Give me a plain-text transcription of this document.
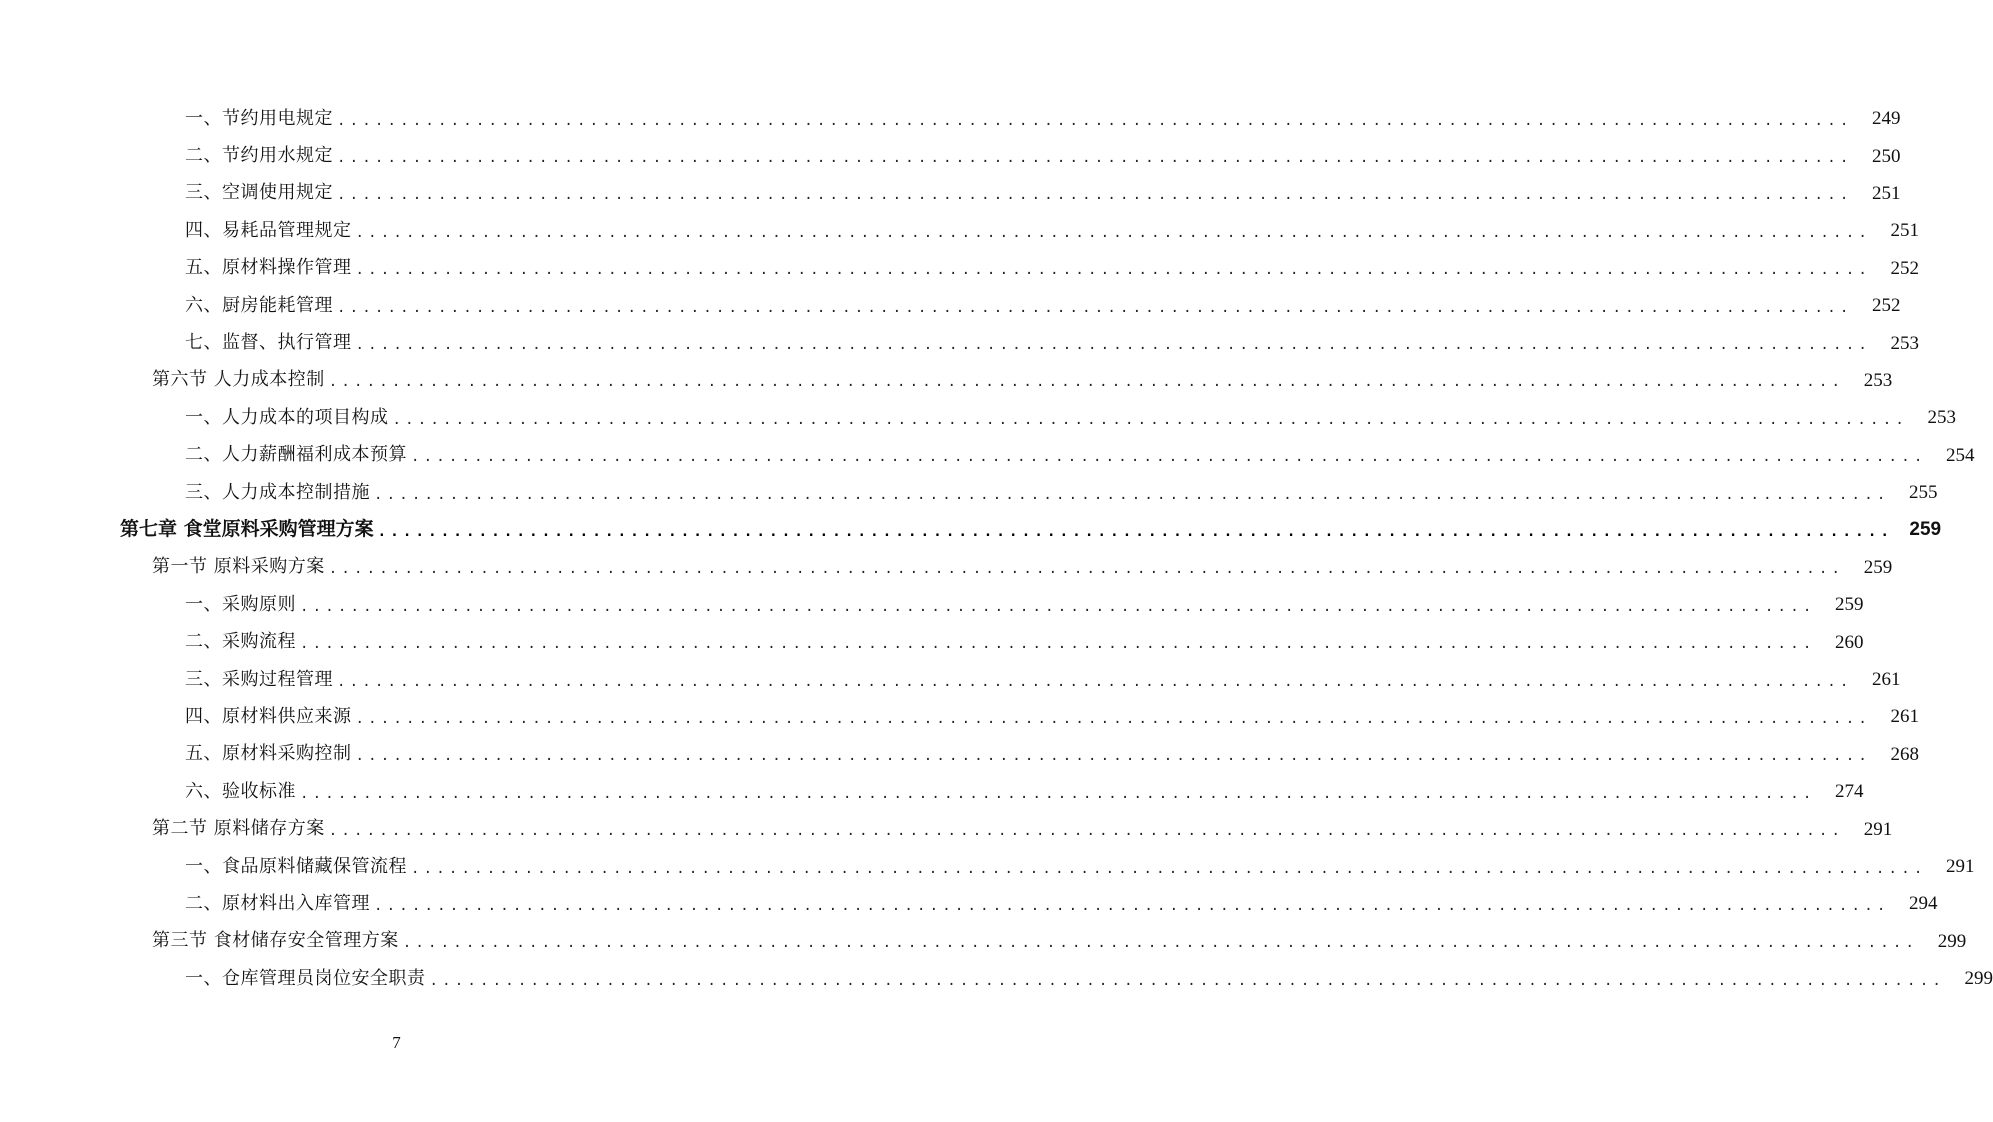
一、节约用电规定 ........................................................................................................................	249
二、节约用水规定 ........................................................................................................................	250
三、空调使用规定 ........................................................................................................................	251
四、易耗品管理规定 ........................................................................................................................	251
五、原材料操作管理 ........................................................................................................................	252
六、厨房能耗管理 ........................................................................................................................	252
七、监督、执行管理 ........................................................................................................................	253
第六节 人力成本控制 ........................................................................................................................	253
一、人力成本的项目构成 ........................................................................................................................	253
二、人力薪酬福利成本预算 ........................................................................................................................	254
三、人力成本控制措施 ........................................................................................................................	255
第七章 食堂原料采购管理方案 ........................................................................................................................ 259
第一节 原料采购方案 ........................................................................................................................	259
一、采购原则 ........................................................................................................................	259
二、采购流程 ........................................................................................................................	260
三、采购过程管理 ........................................................................................................................	261
四、原材料供应来源 ........................................................................................................................	261
五、原材料采购控制 ........................................................................................................................	268
六、验收标准 ........................................................................................................................	274
第二节 原料储存方案 ........................................................................................................................	291
一、食品原料储藏保管流程 ........................................................................................................................	291
二、原材料出入库管理 ........................................................................................................................	294
第三节 食材储存安全管理方案 ........................................................................................................................	299
一、仓库管理员岗位安全职责 ........................................................................................................................	299
7
